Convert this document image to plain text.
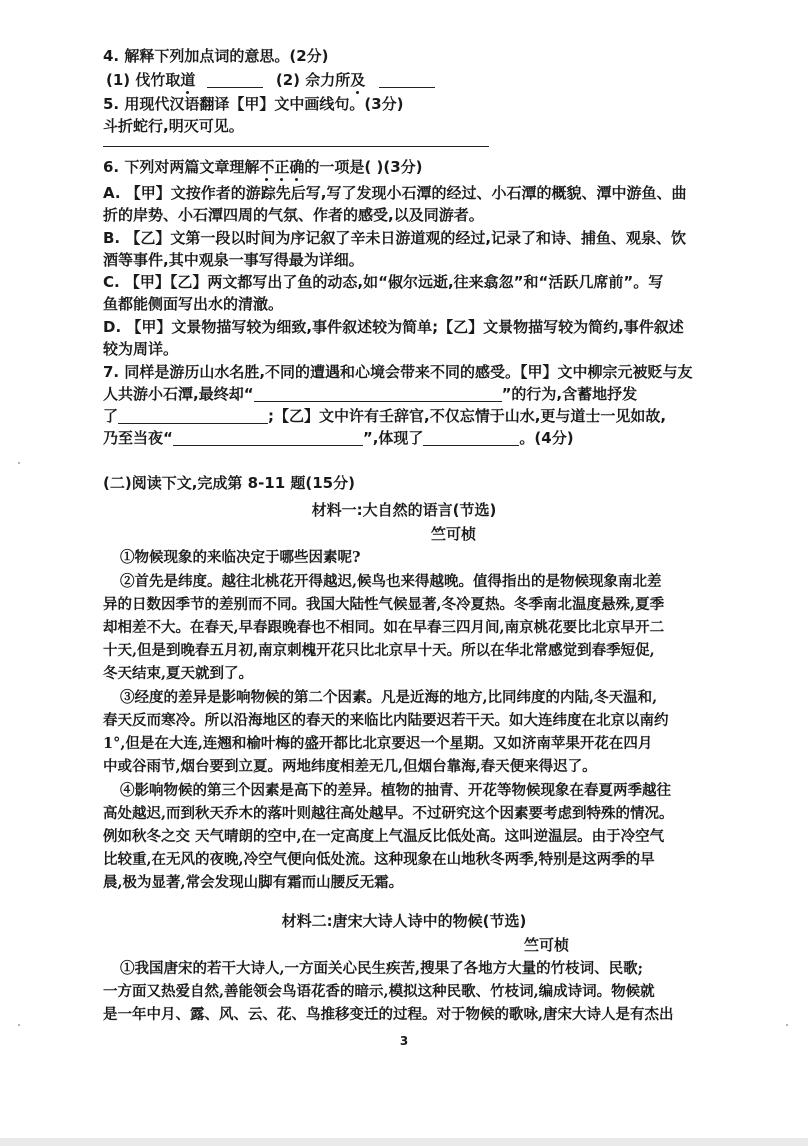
4. 解释下列加点词的意思。(2分)
(1) 伐竹取道	(2) 佘力所及
5. 用现代汉语翻译【甲】文中画线句。(3分)
斗折蛇行,明灭可见。
6. 下列对两篇文章理解不正确的一项是( )(3分)
A. 【甲】文按作者的游踪先后写,写了发现小石潭的经过、小石潭的概貌、潭中游鱼、曲
折的岸势、小石潭四周的气氛、作者的感受,以及同游者。
B. 【乙】文第一段以时间为序记叙了辛未日游道观的经过,记录了和诗、捕鱼、观泉、饮
酒等事件,其中观泉一事写得最为详细。
C. 【甲】【乙】两文都写出了鱼的动态,如“俶尔远逝,往来翕忽”和“活跃几席前”。写
鱼都能侧面写出水的清澈。
D. 【甲】文景物描写较为细致,事件叙述较为简单;【乙】文景物描写较为简约,事件叙述
较为周详。
7. 同样是游历山水名胜,不同的遭遇和心境会带来不同的感受。【甲】文中柳宗元被贬与友
人共游小石潭,最终却“	”的行为,含蓄地抒发
了	;【乙】文中许有壬辞官,不仅忘情于山水,更与道士一见如故,
乃至当夜“	”,体现了	。(4分)
(二)阅读下文,完成第 8-11 题(15分)
材料一:大自然的语言(节选)
竺可桢
①物候现象的来临决定于哪些因素呢?
②首先是纬度。越往北桃花开得越迟,候鸟也来得越晚。值得指出的是物候现象南北差
异的日数因季节的差别而不同。我国大陆性气候显著,冬冷夏热。冬季南北温度悬殊,夏季
却相差不大。在春天,早春跟晚春也不相同。如在早春三四月间,南京桃花要比北京早开二
十天,但是到晚春五月初,南京刺槐开花只比北京早十天。所以在华北常感觉到春季短促,
冬天结束,夏天就到了。
③经度的差异是影响物候的第二个因素。凡是近海的地方,比同纬度的内陆,冬天温和,
春天反而寒冷。所以沿海地区的春天的来临比内陆要迟若干天。如大连纬度在北京以南约
1°,但是在大连,连翘和榆叶梅的盛开都比北京要迟一个星期。又如济南苹果开花在四月
中或谷雨节,烟台要到立夏。两地纬度相差无几,但烟台靠海,春天便来得迟了。
④影响物候的第三个因素是高下的差异。植物的抽青、开花等物候现象在春夏两季越往
高处越迟,而到秋天乔木的落叶则越往高处越早。不过研究这个因素要考虑到特殊的情况。
例如秋冬之交 天气晴朗的空中,在一定高度上气温反比低处高。这叫逆温层。由于冷空气
比较重,在无风的夜晚,冷空气便向低处流。这种现象在山地秋冬两季,特别是这两季的早
晨,极为显著,常会发现山脚有霜而山腰反无霜。
材料二:唐宋大诗人诗中的物候(节选)
竺可桢
①我国唐宋的若干大诗人,一方面关心民生疾苦,搜果了各地方大量的竹枝词、民歌;
一方面又热爱自然,善能领会鸟语花香的暗示,模拟这种民歌、竹枝词,编成诗词。物候就
是一年中月、露、风、云、花、鸟推移变迁的过程。对于物候的歌咏,唐宋大诗人是有杰出
3
